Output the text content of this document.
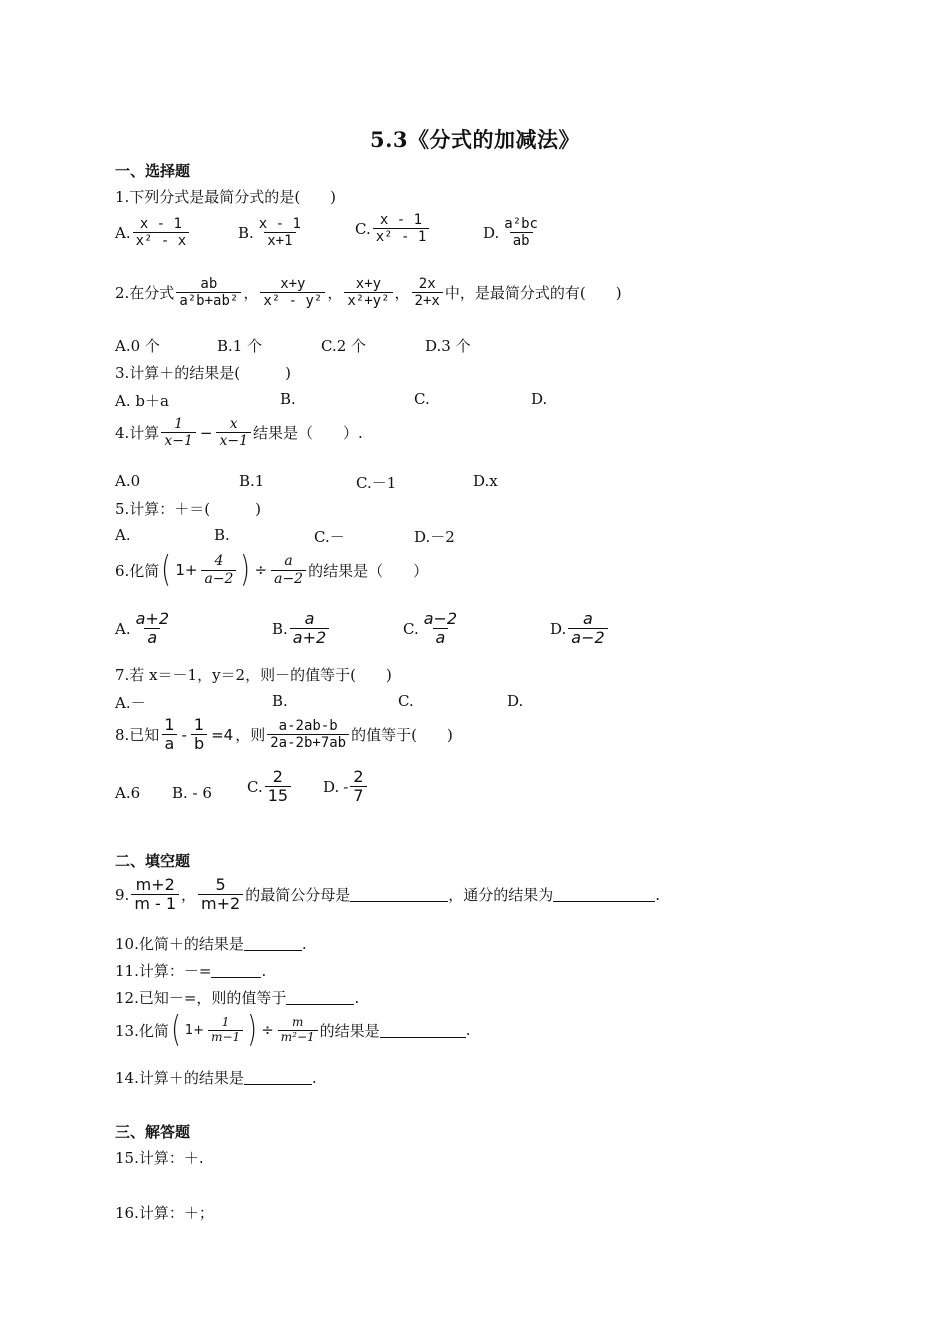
5.3《分式的加减法》
一、选择题
1.下列分式是最简分式的是(　　)
A. $\frac{x - 1}{\text{x² - x}}$	B. $\frac{x - 1}{x+1}$	C. $\frac{x - 1}{\text{x² - 1}}$	D. $\frac{\text{a²bc}}{ab}$
2.在分式 $\frac{ab}{\text{a²b+ab²}}$ ， $\frac{x+y}{\text{x² - y²}}$ ， $\frac{x+y}{\text{x²+y²}}$ ， $\frac{2x}{2+x}$ 中，是最简分式的有(　　)
A.0 个	B.1 个	C.2 个	D.3 个
3.计算＋的结果是(　　　)
A. b＋a	B.	C.	D.
4.计算 $\frac{1}{x-1} - \frac{x}{x-1}$ 结果是（　　）.
A.0	B.1	C.－1	D.x
5.计算：＋＝(　　　)
A.	B.	C.－	D.－2
6.化简 ( $1+ \frac{4}{a-2}$ ) ÷ $\frac{a}{a-2}$ 的结果是（　　）
A. $\frac{a+2}{a}$	B. $\frac{a}{a+2}$	C. $\frac{a-2}{a}$	D. $\frac{a}{a-2}$
7.若 x＝－1，y＝2，则－的值等于(　　)
A.－	B.	C.	D.
8.已知 $\frac{1}{a} - \frac{1}{b} =4$ ，则 $\frac{a-2ab-b}{2a-2b+7ab}$ 的值等于(　　)
A.6 B. - 6 C. $\frac{2}{15} D$. - $\frac{2}{7}$
二、填空题
9. $\frac{m+2}{m - 1}$ ， $\frac{5}{m+2}$ 的最简公分母是	，通分的结果为	.
10.化简＋的结果是	.
11.计算：－=	.
12.已知－=，则的值等于	.
13.化简 ( $1+ \frac{1}{m-1}$ ) ÷ $\frac{m}{\text{m²−1}}$ 的结果是	.
14.计算＋的结果是	.
三、解答题
15.计算：＋.
16.计算：＋；
